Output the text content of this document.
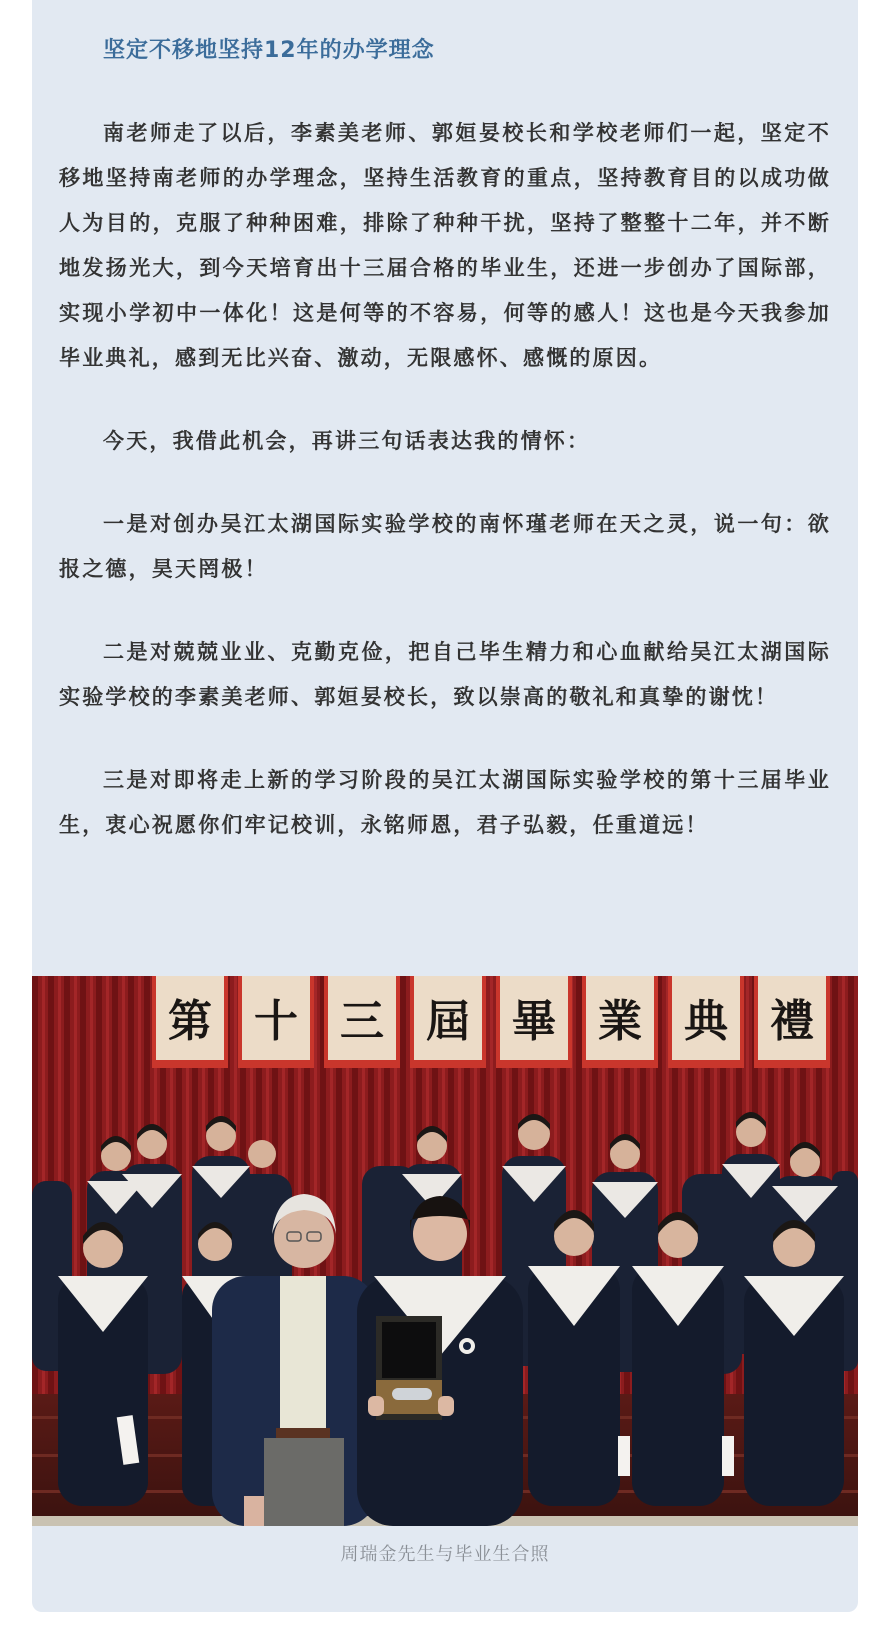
坚定不移地坚持12年的办学理念

南老师走了以后，李素美老师、郭姮妟校长和学校老师们一起，坚定不移地坚持南老师的办学理念，坚持生活教育的重点，坚持教育目的以成功做人为目的，克服了种种困难，排除了种种干扰，坚持了整整十二年，并不断地发扬光大，到今天培育出十三届合格的毕业生，还进一步创办了国际部，实现小学初中一体化！这是何等的不容易，何等的感人！这也是今天我参加毕业典礼，感到无比兴奋、激动，无限感怀、感慨的原因。

今天，我借此机会，再讲三句话表达我的情怀：

一是对创办吴江太湖国际实验学校的南怀瑾老师在天之灵，说一句：欲报之德，昊天罔极！

二是对兢兢业业、克勤克俭，把自己毕生精力和心血献给吴江太湖国际实验学校的李素美老师、郭姮妟校长，致以崇高的敬礼和真挚的谢忱！

三是对即将走上新的学习阶段的吴江太湖国际实验学校的第十三届毕业生，衷心祝愿你们牢记校训，永铭师恩，君子弘毅，任重道远！

第 十 三 屆 畢 業 典 禮
周瑞金先生与毕业生合照
